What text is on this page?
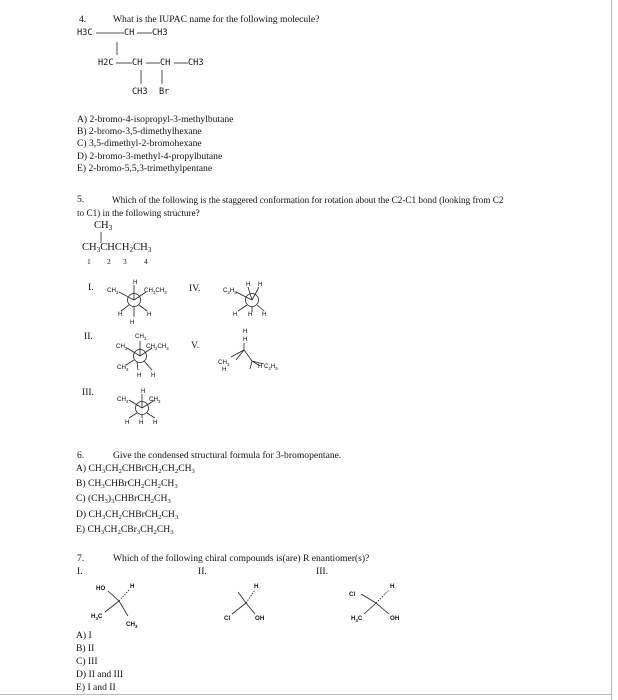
4.	What is the IUPAC name for the following molecule?
H3C	CH CH3
H2C CH CH CH3
CH3 Br
A) 2-bromo-4-isopropyl-3-methylbutane
B) 2-bromo-3,5-dimethylhexane
C) 3,5-dimethyl-2-bromohexane
D) 2-bromo-3-methyl-4-propylbutane
E) 2-bromo-5,5,3-trimethylpentane
5.	Which of the following is the staggered conformation for rotation about the C2-C1 bond (looking from C2
to C1) in the following structure?
$CH_3$
$CH_3CHCH_2CH_3$
1 2 3 4
I.
II.
III.
IV.
V.
$CH_3$
H
$CH_2CH_3$
H	H
H
$CH_3$
$CH_3$	$CH_2CH_3$
$CH_3$
H H
H
$CH_3$	$CH_3$
H H H
$C_2H_5$
H H
H H H
H
H
$CH_3$
H	H $C_2H_5$
6.	Give the condensed structural formula for 3-bromopentane.
A) $CH_3CH_2CHBrCH_2CH_2CH_3$
B) $CH_3CHBrCH_2CH_2CH_3$
C) $(CH_3)_3CHBrCH_2CH_3$
D) $CH_3CH_2CHBrCH_2CH_3$
E) $CH_3CH_2CBr_3CH_2CH_3$
7.	Which of the following chiral compounds is(are) R enantiomer(s)?
I.	II.	III.
HO	H
$H_3C$
$CH_3$
H
Cl	OH
H
Cl
$H_3C$	OH
A) I
B) II
C) III
D) II and III
E) I and II
